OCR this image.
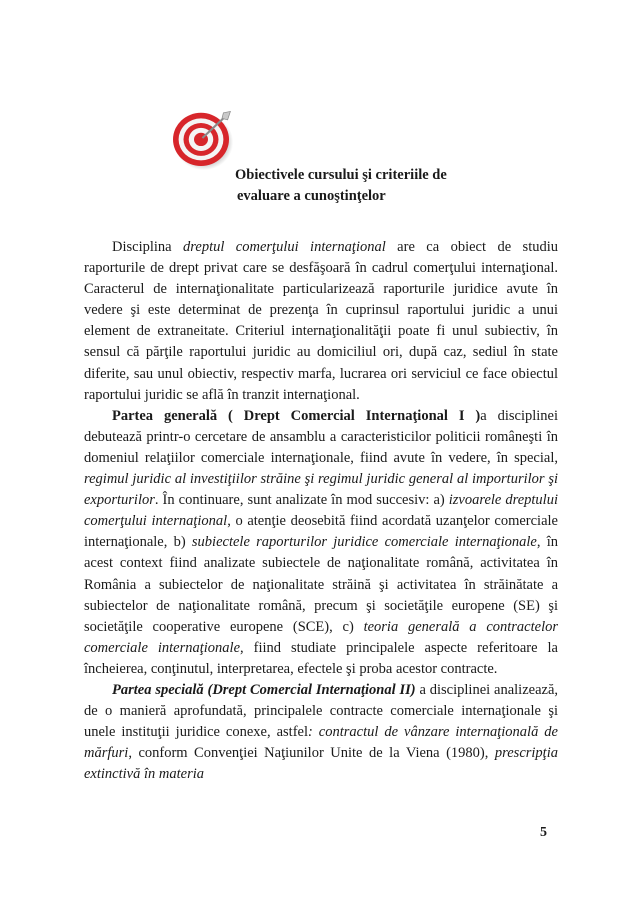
Obiectivele cursului şi criteriile de
evaluare a cunoştinţelor

Disciplina dreptul comerţului internaţional are ca obiect de studiu raporturile de drept privat care se desfăşoară în cadrul comerţului internaţional. Caracterul de internaţionalitate particularizează raporturile juridice avute în vedere şi este determinat de prezenţa în cuprinsul raportului juridic a unui element de extraneitate. Criteriul internaţionalităţii poate fi unul subiectiv, în sensul că părţile raportului juridic au domiciliul ori, după caz, sediul în state diferite, sau unul obiectiv, respectiv marfa, lucrarea ori serviciul ce face obiectul raportului juridic se află în tranzit internaţional.

Partea generală ( Drept Comercial Internaţional I )a disciplinei debutează printr-o cercetare de ansamblu a caracteristicilor politicii româneşti în domeniul relaţiilor comerciale internaţionale, fiind avute în vedere, în special, regimul juridic al investiţiilor străine şi regimul juridic general al importurilor şi exporturilor. În continuare, sunt analizate în mod succesiv: a) izvoarele dreptului comerţului internaţional, o atenţie deosebită fiind acordată uzanţelor comerciale internaţionale, b) subiectele raporturilor juridice comerciale internaţionale, în acest context fiind analizate subiectele de naţionalitate română, activitatea în România a subiectelor de naţionalitate străină şi activitatea în străinătate a subiectelor de naţionalitate română, precum şi societăţile europene (SE) şi societăţile cooperative europene (SCE), c) teoria generală a contractelor comerciale internaţionale, fiind studiate principalele aspecte referitoare la încheierea, conţinutul, interpretarea, efectele şi proba acestor contracte.

Partea specială (Drept Comercial Internaţional II) a disciplinei analizează, de o manieră aprofundată, principalele contracte comerciale internaţionale şi unele instituţii juridice conexe, astfel: contractul de vânzare internaţională de mărfuri, conform Convenţiei Naţiunilor Unite de la Viena (1980), prescripţia extinctivă în materia

5
